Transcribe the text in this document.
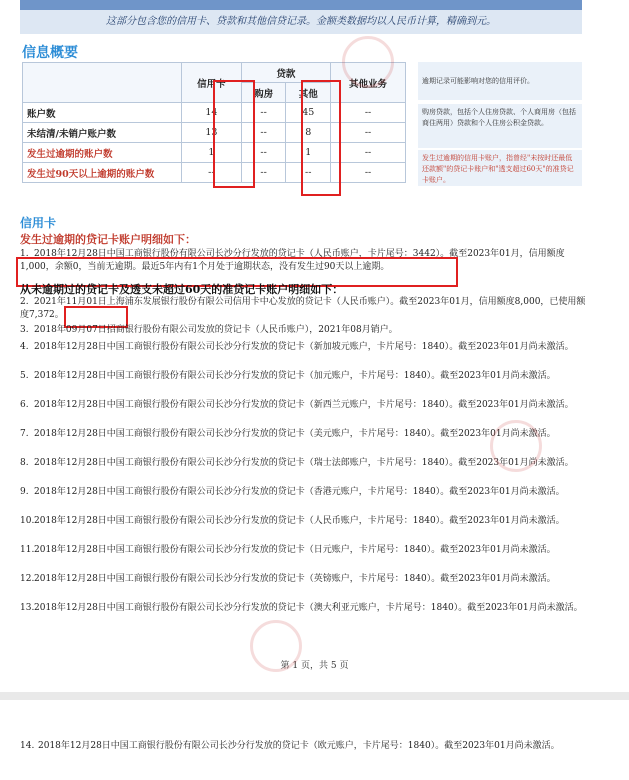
这部分包含您的信用卡、贷款和其他信贷记录。金额类数据均以人民币计算，精确到元。
信息概要
	信用卡	贷款		其他业务
		购房	其他	
账户数	14	--	45	--
未结清/未销户账户数	13	--	8	--
发生过逾期的账户数	1	--	1	--
发生过90天以上逾期的账户数	--	--	--	--
逾期记录可能影响对您的信用评价。
购房贷款，包括个人住房贷款、个人商用房（包括商住两用）贷款和个人住房公积金贷款。
发生过逾期的信用卡账户，指曾经"未按时还最低还款额"的贷记卡账户和"透支超过60天"的准贷记卡账户。
信用卡
发生过逾期的贷记卡账户明细如下：
1. 2018年12月28日中国工商银行股份有限公司长沙分行发放的贷记卡（人民币账户，卡片尾号：3442）。截至2023年01月，信用额度1,000，余额0，当前无逾期。最近5年内有1个月处于逾期状态，没有发生过90天以上逾期。
从未逾期过的贷记卡及透支未超过60天的准贷记卡账户明细如下：
2. 2021年11月01日上海浦东发展银行股份有限公司信用卡中心发放的贷记卡（人民币账户）。截至2023年01月，信用额度8,000，已使用额度7,372。
3. 2018年09月07日招商银行股份有限公司发放的贷记卡（人民币账户），2021年08月销户。
4. 2018年12月28日中国工商银行股份有限公司长沙分行发放的贷记卡（新加坡元账户，卡片尾号：1840）。截至2023年01月尚未激活。
5. 2018年12月28日中国工商银行股份有限公司长沙分行发放的贷记卡（加元账户，卡片尾号：1840）。截至2023年01月尚未激活。
6. 2018年12月28日中国工商银行股份有限公司长沙分行发放的贷记卡（新西兰元账户，卡片尾号：1840）。截至2023年01月尚未激活。
7. 2018年12月28日中国工商银行股份有限公司长沙分行发放的贷记卡（美元账户，卡片尾号：1840）。截至2023年01月尚未激活。
8. 2018年12月28日中国工商银行股份有限公司长沙分行发放的贷记卡（瑞士法郎账户，卡片尾号：1840）。截至2023年01月尚未激活。
9. 2018年12月28日中国工商银行股份有限公司长沙分行发放的贷记卡（香港元账户，卡片尾号：1840）。截至2023年01月尚未激活。
10.2018年12月28日中国工商银行股份有限公司长沙分行发放的贷记卡（人民币账户，卡片尾号：1840）。截至2023年01月尚未激活。
11.2018年12月28日中国工商银行股份有限公司长沙分行发放的贷记卡（日元账户，卡片尾号：1840）。截至2023年01月尚未激活。
12.2018年12月28日中国工商银行股份有限公司长沙分行发放的贷记卡（英镑账户，卡片尾号：1840）。截至2023年01月尚未激活。
13.2018年12月28日中国工商银行股份有限公司长沙分行发放的贷记卡（澳大利亚元账户，卡片尾号：1840）。截至2023年01月尚未激活。
第 1 页，共 5 页
14. 2018年12月28日中国工商银行股份有限公司长沙分行发放的贷记卡（欧元账户，卡片尾号：1840）。截至2023年01月尚未激活。
